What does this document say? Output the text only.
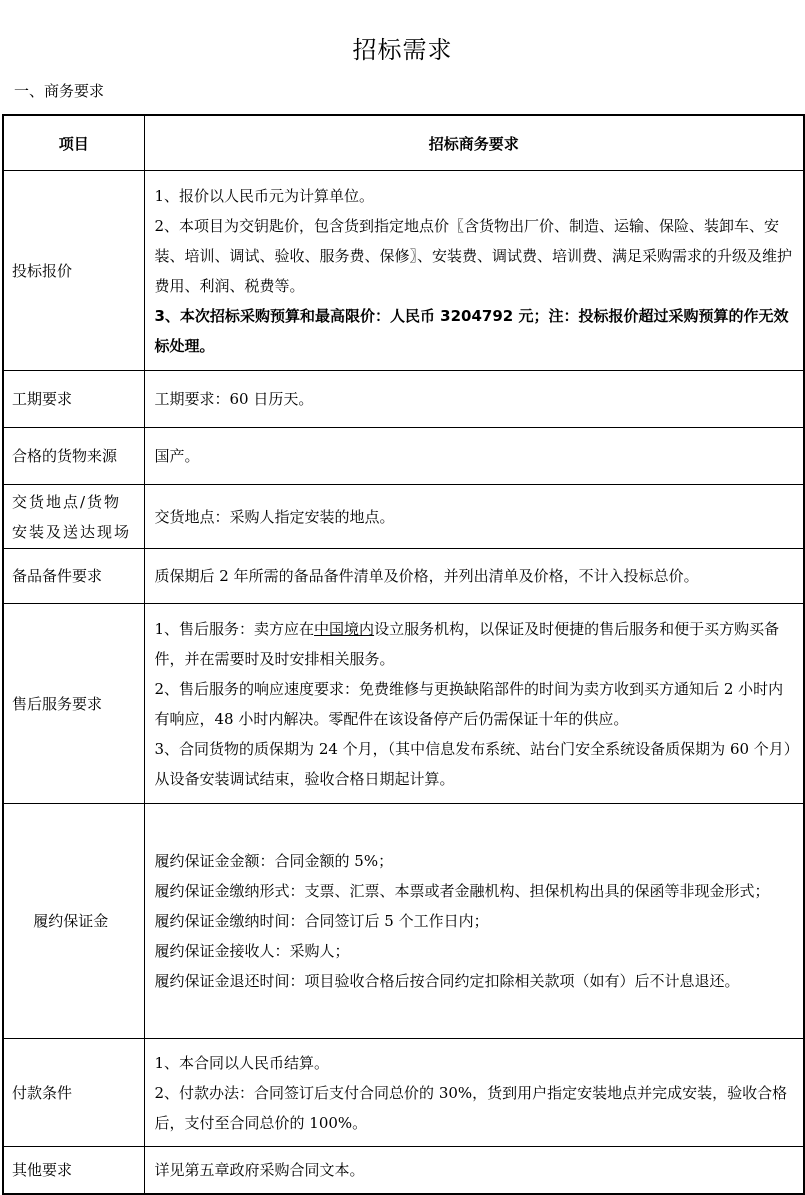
招标需求
一、商务要求
项目	招标商务要求
投标报价	1、报价以人民币元为计算单位。
2、本项目为交钥匙价，包含货到指定地点价〖含货物出厂价、制造、运输、保险、装卸车、安装、培训、调试、验收、服务费、保修〗、安装费、调试费、培训费、满足采购需求的升级及维护费用、利润、税费等。
3、本次招标采购预算和最高限价：人民币 3204792 元；注：投标报价超过采购预算的作无效标处理。

工期要求	工期要求：60 日历天。

合格的货物来源	国产。

交货地点/货物安装及送达现场	交货地点：采购人指定安装的地点。

备品备件要求	质保期后 2 年所需的备品备件清单及价格，并列出清单及价格，不计入投标总价。

售后服务要求	1、售后服务：卖方应在中国境内设立服务机构，以保证及时便捷的售后服务和便于买方购买备件，并在需要时及时安排相关服务。
2、售后服务的响应速度要求：免费维修与更换缺陷部件的时间为卖方收到买方通知后 2 小时内有响应，48 小时内解决。零配件在该设备停产后仍需保证十年的供应。
3、合同货物的质保期为 24 个月，（其中信息发布系统、站台门安全系统设备质保期为 60 个月）从设备安装调试结束，验收合格日期起计算。

履约保证金	履约保证金金额：合同金额的 5%；
履约保证金缴纳形式：支票、汇票、本票或者金融机构、担保机构出具的保函等非现金形式；
履约保证金缴纳时间：合同签订后 5 个工作日内；
履约保证金接收人：采购人；
履约保证金退还时间：项目验收合格后按合同约定扣除相关款项（如有）后不计息退还。

付款条件	1、本合同以人民币结算。
2、付款办法：合同签订后支付合同总价的 30%，货到用户指定安装地点并完成安装，验收合格后，支付至合同总价的 100%。

其他要求	详见第五章政府采购合同文本。
